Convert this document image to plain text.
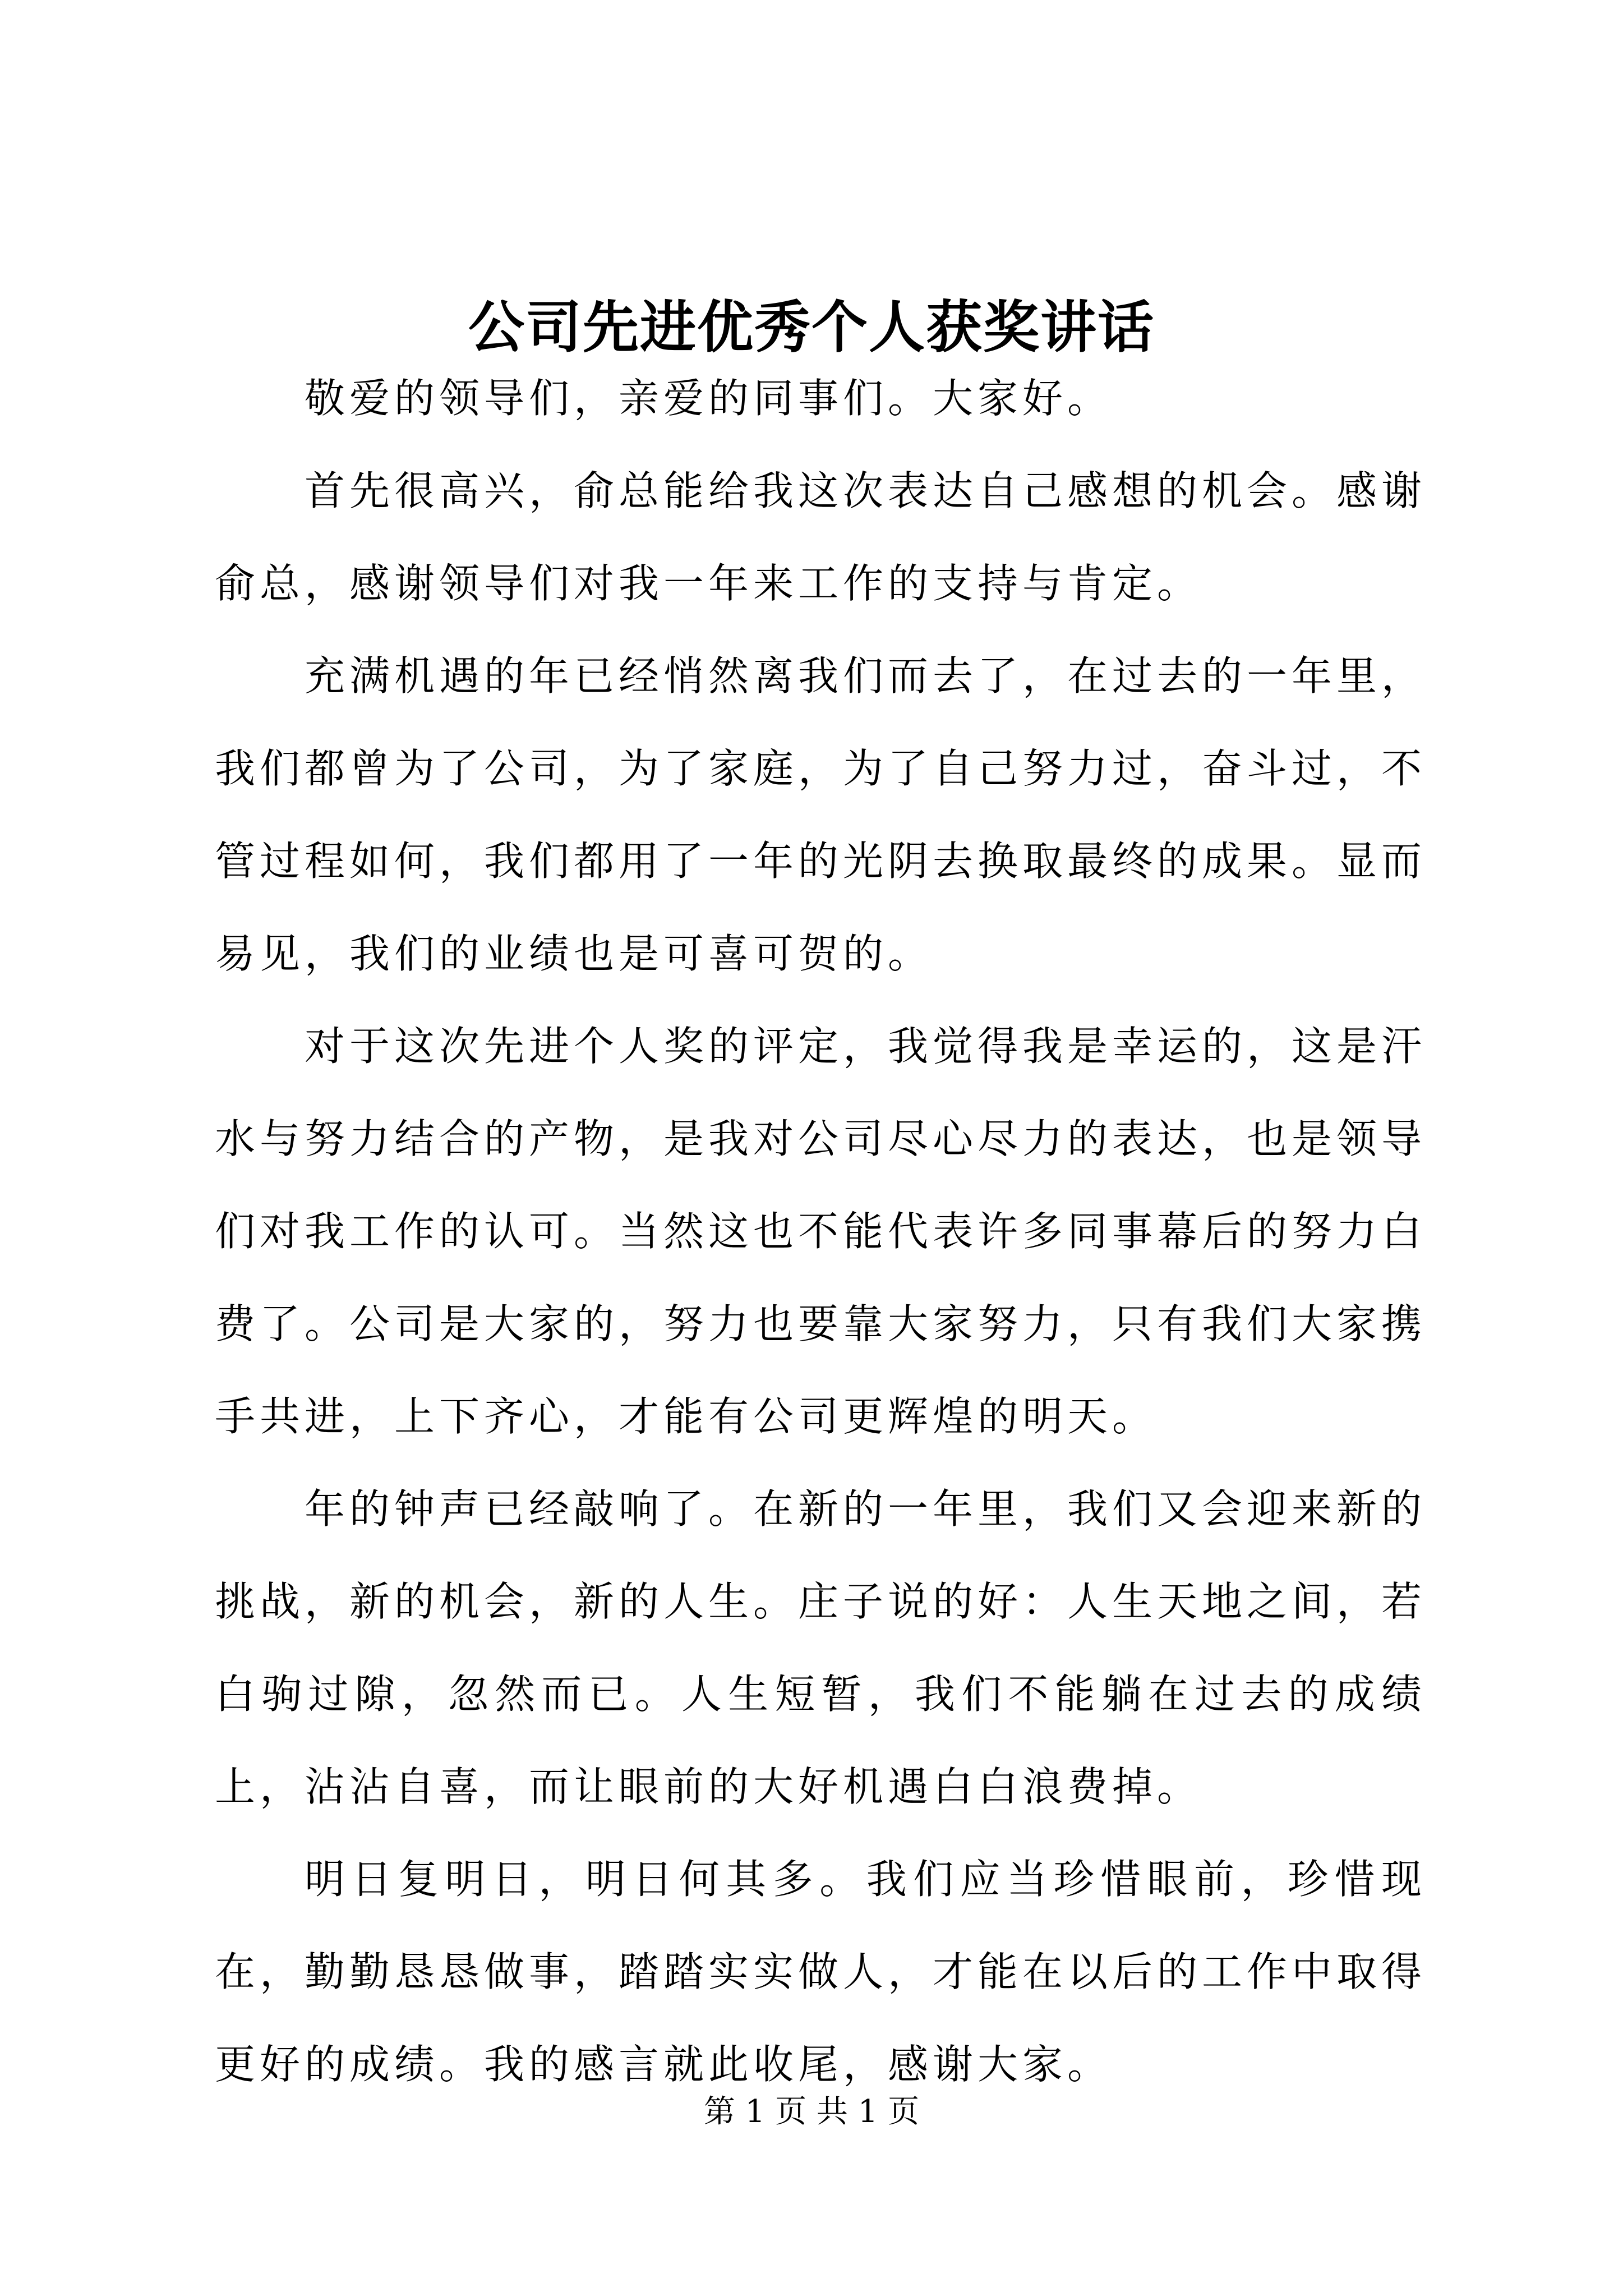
公司先进优秀个人获奖讲话

敬爱的领导们，亲爱的同事们。大家好。

首先很高兴，俞总能给我这次表达自己感想的机会。感谢俞总，感谢领导们对我一年来工作的支持与肯定。

充满机遇的年已经悄然离我们而去了，在过去的一年里，我们都曾为了公司，为了家庭，为了自己努力过，奋斗过，不管过程如何，我们都用了一年的光阴去换取最终的成果。显而易见，我们的业绩也是可喜可贺的。

对于这次先进个人奖的评定，我觉得我是幸运的，这是汗水与努力结合的产物，是我对公司尽心尽力的表达，也是领导们对我工作的认可。当然这也不能代表许多同事幕后的努力白费了。公司是大家的，努力也要靠大家努力，只有我们大家携手共进，上下齐心，才能有公司更辉煌的明天。

年的钟声已经敲响了。在新的一年里，我们又会迎来新的挑战，新的机会，新的人生。庄子说的好：人生天地之间，若白驹过隙，忽然而已。人生短暂，我们不能躺在过去的成绩上，沾沾自喜，而让眼前的大好机遇白白浪费掉。

明日复明日，明日何其多。我们应当珍惜眼前，珍惜现在，勤勤恳恳做事，踏踏实实做人，才能在以后的工作中取得更好的成绩。我的感言就此收尾，感谢大家。

第 1 页 共 1 页
